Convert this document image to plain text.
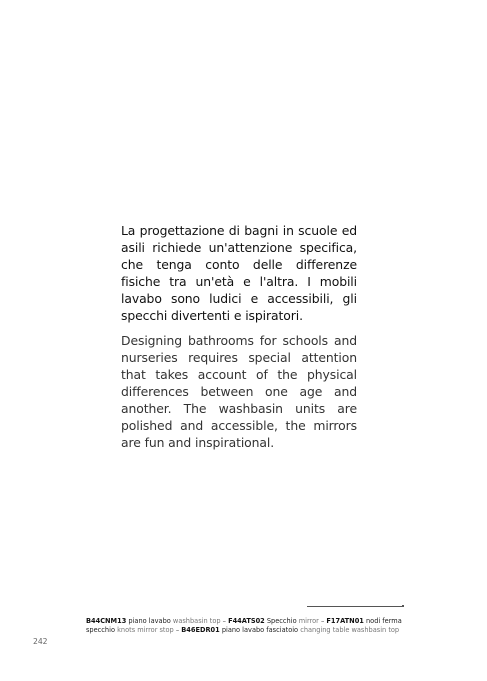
La progettazione di bagni in scuole ed asili richiede un'attenzione specifica, che tenga conto delle differenze fisiche tra un'età e l'altra. I mobili lavabo sono ludici e accessibili, gli specchi divertenti e ispiratori.

Designing bathrooms for schools and nurseries requires special attention that takes account of the physical differences between one age and another. The washbasin units are polished and accessible, the mirrors are fun and inspirational.

B44CNM13 piano lavabo washbasin top – F44ATS02 Specchio mirror – F17ATN01 nodi ferma specchio knots mirror stop – B46EDR01 piano lavabo fasciatoio changing table washbasin top
242
